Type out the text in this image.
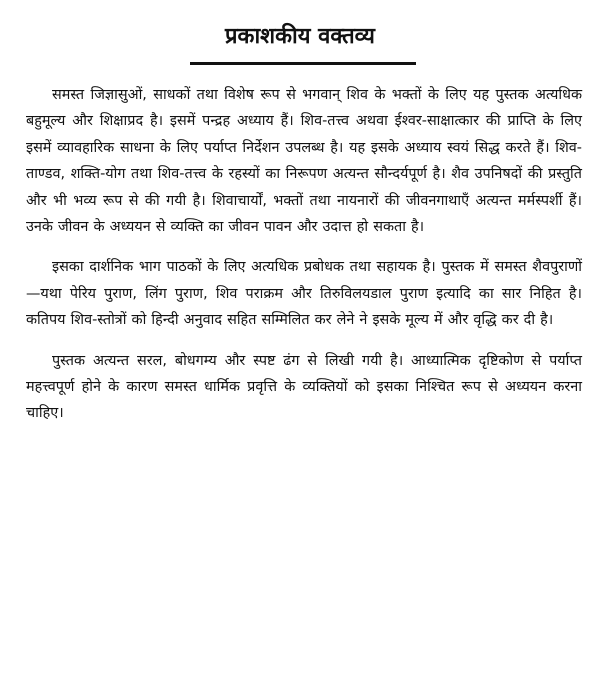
प्रकाशकीय वक्तव्य

समस्त जिज्ञासुओं, साधकों तथा विशेष रूप से भगवान् शिव के भक्तों के लिए यह पुस्तक अत्यधिक बहुमूल्य और शिक्षाप्रद है। इसमें पन्द्रह अध्याय हैं। शिव-तत्त्व अथवा ईश्वर-साक्षात्कार की प्राप्ति के लिए इसमें व्यावहारिक साधना के लिए पर्याप्त निर्देशन उपलब्ध है। यह इसके अध्याय स्वयं सिद्ध करते हैं। शिव-ताण्डव, शक्ति-योग तथा शिव-तत्त्व के रहस्यों का निरूपण अत्यन्त सौन्दर्यपूर्ण है। शैव उपनिषदों की प्रस्तुति और भी भव्य रूप से की गयी है। शिवाचार्यों, भक्तों तथा नायनारों की जीवनगाथाएँ अत्यन्त मर्मस्पर्शी हैं। उनके जीवन के अध्ययन से व्यक्ति का जीवन पावन और उदात्त हो सकता है।

इसका दार्शनिक भाग पाठकों के लिए अत्यधिक प्रबोधक तथा सहायक है। पुस्तक में समस्त शैवपुराणों—यथा पेरिय पुराण, लिंग पुराण, शिव पराक्रम और तिरुविलयडाल पुराण इत्यादि का सार निहित है। कतिपय शिव-स्तोत्रों को हिन्दी अनुवाद सहित सम्मिलित कर लेने ने इसके मूल्य में और वृद्धि कर दी है।

पुस्तक अत्यन्त सरल, बोधगम्य और स्पष्ट ढंग से लिखी गयी है। आध्यात्मिक दृष्टिकोण से पर्याप्त महत्त्वपूर्ण होने के कारण समस्त धार्मिक प्रवृत्ति के व्यक्तियों को इसका निश्चित रूप से अध्ययन करना चाहिए।
